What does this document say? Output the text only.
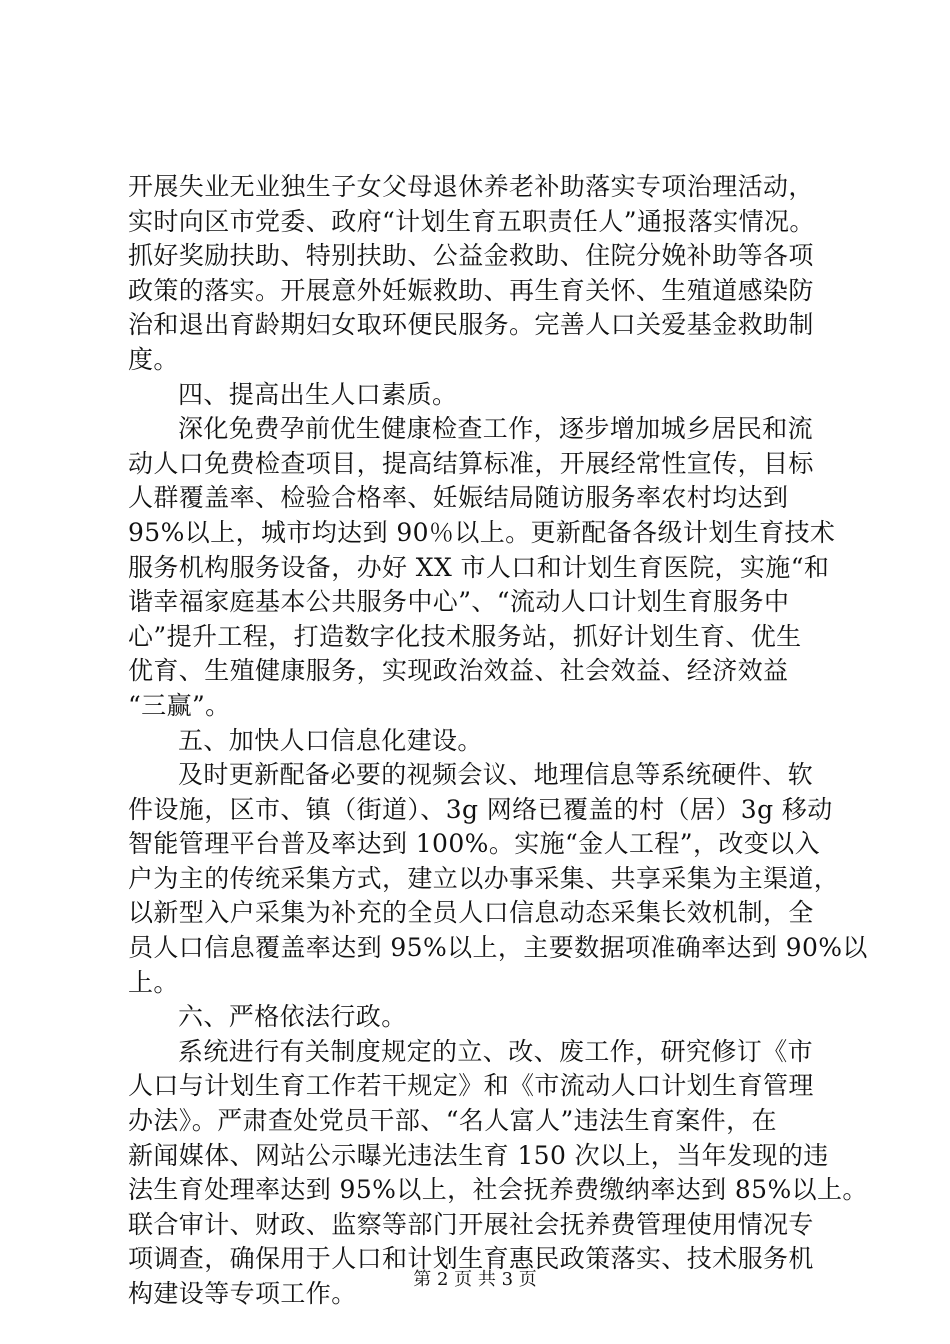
开展失业无业独生子女父母退休养老补助落实专项治理活动，
实时向区市党委、政府“计划生育五职责任人”通报落实情况。
抓好奖励扶助、特别扶助、公益金救助、住院分娩补助等各项
政策的落实。开展意外妊娠救助、再生育关怀、生殖道感染防
治和退出育龄期妇女取环便民服务。完善人口关爱基金救助制
度。
四、提高出生人口素质。
深化免费孕前优生健康检查工作，逐步增加城乡居民和流
动人口免费检查项目，提高结算标准，开展经常性宣传，目标
人群覆盖率、检验合格率、妊娠结局随访服务率农村均达到
95%以上，城市均达到 90％以上。更新配备各级计划生育技术
服务机构服务设备，办好 XX 市人口和计划生育医院，实施“和
谐幸福家庭基本公共服务中心”、“流动人口计划生育服务中
心”提升工程，打造数字化技术服务站，抓好计划生育、优生
优育、生殖健康服务，实现政治效益、社会效益、经济效益
“三赢”。
五、加快人口信息化建设。
及时更新配备必要的视频会议、地理信息等系统硬件、软
件设施，区市、镇（街道）、3g 网络已覆盖的村（居）3g 移动
智能管理平台普及率达到 100%。实施“金人工程”，改变以入
户为主的传统采集方式，建立以办事采集、共享采集为主渠道，
以新型入户采集为补充的全员人口信息动态采集长效机制，全
员人口信息覆盖率达到 95%以上，主要数据项准确率达到 90%以
上。
六、严格依法行政。
系统进行有关制度规定的立、改、废工作，研究修订《市
人口与计划生育工作若干规定》和《市流动人口计划生育管理
办法》。严肃查处党员干部、“名人富人”违法生育案件，在
新闻媒体、网站公示曝光违法生育 150 次以上，当年发现的违
法生育处理率达到 95%以上，社会抚养费缴纳率达到 85%以上。
联合审计、财政、监察等部门开展社会抚养费管理使用情况专
项调查，确保用于人口和计划生育惠民政策落实、技术服务机
构建设等专项工作。	第 2 页 共 3 页
